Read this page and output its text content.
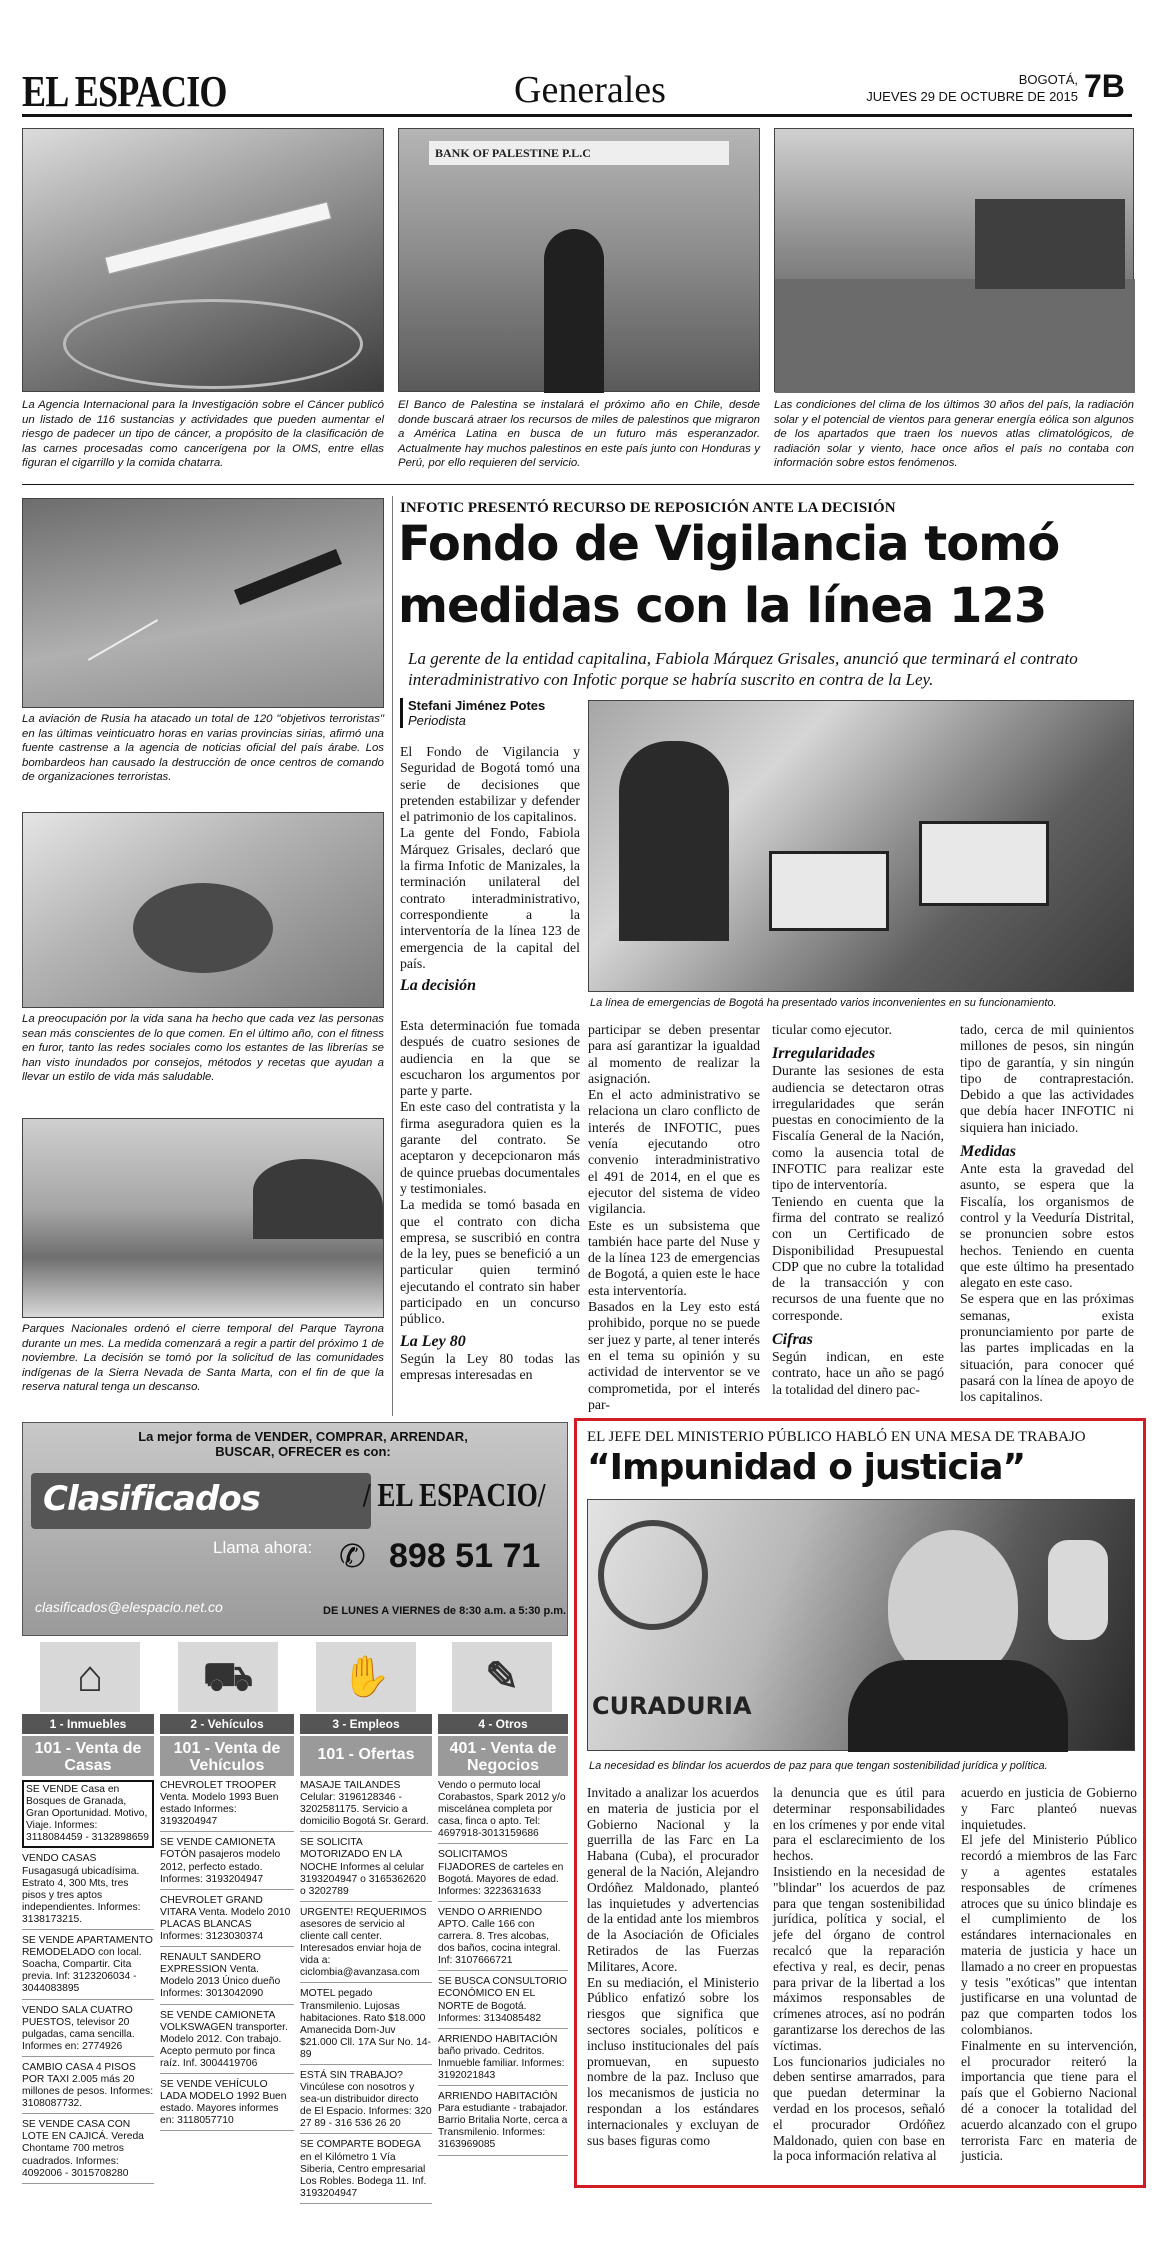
EL ESPACIO	Generales	BOGOTÁ,
JUEVES 29 DE OCTUBRE DE 2015 7B
BANK OF PALESTINE P.L.C
La Agencia Internacional para la Investigación sobre el Cáncer publicó un listado de 116 sustancias y actividades que pueden aumentar el riesgo de padecer un tipo de cáncer, a propósito de la clasificación de las carnes procesadas como cancerígena por la OMS, entre ellas figuran el cigarrillo y la comida chatarra.
El Banco de Palestina se instalará el próximo año en Chile, desde donde buscará atraer los recursos de miles de palestinos que migraron a América Latina en busca de un futuro más esperanzador. Actualmente hay muchos palestinos en este país junto con Honduras y Perú, por ello requieren del servicio.
Las condiciones del clima de los últimos 30 años del país, la radiación solar y el potencial de vientos para generar energía eólica son algunos de los apartados que traen los nuevos atlas climatológicos, de radiación solar y viento, hace once años el país no contaba con información sobre estos fenómenos.
La aviación de Rusia ha atacado un total de 120 "objetivos terroristas" en las últimas veinticuatro horas en varias provincias sirias, afirmó una fuente castrense a la agencia de noticias oficial del país árabe. Los bombardeos han causado la destrucción de once centros de comando de organizaciones terroristas.
La preocupación por la vida sana ha hecho que cada vez las personas sean más conscientes de lo que comen. En el último año, con el fitness en furor, tanto las redes sociales como los estantes de las librerías se han visto inundados por consejos, métodos y recetas que ayudan a llevar un estilo de vida más saludable.
Parques Nacionales ordenó el cierre temporal del Parque Tayrona durante un mes. La medida comenzará a regir a partir del próximo 1 de noviembre. La decisión se tomó por la solicitud de las comunidades indígenas de la Sierra Nevada de Santa Marta, con el fin de que la reserva natural tenga un descanso.
INFOTIC PRESENTÓ RECURSO DE REPOSICIÓN ANTE LA DECISIÓN
Fondo de Vigilancia tomó
medidas con la línea 123
La gerente de la entidad capitalina, Fabiola Márquez Grisales, anunció que terminará el contrato interadministrativo con Infotic porque se habría suscrito en contra de la Ley.
Stefani Jiménez Potes
Periodista
La línea de emergencias de Bogotá ha presentado varios inconvenientes en su funcionamiento.

El Fondo de Vigilancia y Seguridad de Bogotá tomó una serie de decisiones que pretenden estabilizar y defender el patrimonio de los capitalinos.

La gente del Fondo, Fabiola Márquez Grisales, declaró que la firma Infotic de Manizales, la terminación unilateral del contrato interadministrativo, correspondiente a la interventoría de la línea 123 de emergencia de la capital del país.

La decisión

Esta determinación fue tomada después de cuatro sesiones de audiencia en la que se escucharon los argumentos por parte y parte.

En este caso del contratista y la firma aseguradora quien es la garante del contrato. Se aceptaron y decepcionaron más de quince pruebas documentales y testimoniales.

La medida se tomó basada en que el contrato con dicha empresa, se suscribió en contra de la ley, pues se benefició a un particular quien terminó ejecutando el contrato sin haber participado en un concurso público.

La Ley 80

Según la Ley 80 todas las empresas interesadas en

participar se deben presentar para así garantizar la igualdad al momento de realizar la asignación.

En el acto administrativo se relaciona un claro conflicto de interés de INFOTIC, pues venía ejecutando otro convenio interadministrativo el 491 de 2014, en el que es ejecutor del sistema de video vigilancia.

Este es un subsistema que también hace parte del Nuse y de la línea 123 de emergencias de Bogotá, a quien este le hace esta interventoría.

Basados en la Ley esto está prohibido, porque no se puede ser juez y parte, al tener interés en el tema su opinión y su actividad de interventor se ve comprometida, por el interés par-

ticular como ejecutor.

Irregularidades

Durante las sesiones de esta audiencia se detectaron otras irregularidades que serán puestas en conocimiento de la Fiscalía General de la Nación, como la ausencia total de INFOTIC para realizar este tipo de interventoría.

Teniendo en cuenta que la firma del contrato se realizó con un Certificado de Disponibilidad Presupuestal CDP que no cubre la totalidad de la transacción y con recursos de una fuente que no corresponde.

Cifras

Según indican, en este contrato, hace un año se pagó la totalidad del dinero pac-

tado, cerca de mil quinientos millones de pesos, sin ningún tipo de garantía, y sin ningún tipo de contraprestación. Debido a que las actividades que debía hacer INFOTIC ni siquiera han iniciado.

Medidas

Ante esta la gravedad del asunto, se espera que la Fiscalía, los organismos de control y la Veeduría Distrital, se pronuncien sobre estos hechos. Teniendo en cuenta que este último ha presentado alegato en este caso.

Se espera que en las próximas semanas, exista pronunciamiento por parte de las partes implicadas en la situación, para conocer qué pasará con la línea de apoyo de los capitalinos.

La mejor forma de VENDER, COMPRAR, ARRENDAR, BUSCAR, OFRECER es con:
Clasificados	/ EL ESPACIO/
Llama ahora: ✆ 898 51 71
clasificados@elespacio.net.co	DE LUNES A VIERNES de 8:30 a.m. a 5:30 p.m.
⌂
1 - Inmuebles
101 - Venta de Casas
⛟
2 - Vehículos
101 - Venta de Vehículos
✋
3 - Empleos
101 - Ofertas
✎
4 - Otros
401 - Venta de Negocios
SE VENDE Casa en Bosques de Granada, Gran Oportunidad. Motivo, Viaje. Informes: 3118084459 - 3132898659
VENDO CASAS Fusagasugá ubicadísima. Estrato 4, 300 Mts, tres pisos y tres aptos independientes. Informes: 3138173215.
SE VENDE APARTAMENTO REMODELADO con local. Soacha, Compartir. Cita previa. Inf: 3123206034 - 3044083895
VENDO SALA CUATRO PUESTOS, televisor 20 pulgadas, cama sencilla. Informes en: 2774926
CAMBIO CASA 4 PISOS POR TAXI 2.005 más 20 millones de pesos. Informes: 3108087732.
SE VENDE CASA CON LOTE EN CAJICÁ. Vereda Chontame 700 metros cuadrados. Informes: 4092006 - 3015708280
CHEVROLET TROOPER Venta. Modelo 1993 Buen estado Informes: 3193204947
SE VENDE CAMIONETA FOTÓN pasajeros modelo 2012, perfecto estado. Informes: 3193204947
CHEVROLET GRAND VITARA Venta. Modelo 2010 PLACAS BLANCAS Informes: 3123030374
RENAULT SANDERO EXPRESSION Venta. Modelo 2013 Único dueño Informes: 3013042090
SE VENDE CAMIONETA VOLKSWAGEN transporter. Modelo 2012. Con trabajo. Acepto permuto por finca raíz. Inf. 3004419706
SE VENDE VEHÍCULO LADA MODELO 1992 Buen estado. Mayores informes en: 3118057710
MASAJE TAILANDES Celular: 3196128346 - 3202581175. Servicio a domicilio Bogotá Sr. Gerard.
SE SOLICITA MOTORIZADO EN LA NOCHE Informes al celular 3193204947 o 3165362620 o 3202789
URGENTE! REQUERIMOS asesores de servicio al cliente call center. Interesados enviar hoja de vida a: ciclombia@avanzasa.com
MOTEL pegado Transmilenio. Lujosas habitaciones. Rato $18.000 Amanecida Dom-Juv $21.000 Cll. 17A Sur No. 14-89
ESTÁ SIN TRABAJO? Vincúlese con nosotros y sea-un distribuidor directo de El Espacio. Informes: 320 27 89 - 316 536 26 20
SE COMPARTE BODEGA en el Kilómetro 1 Vía Siberia, Centro empresarial Los Robles. Bodega 11. Inf. 3193204947
Vendo o permuto local Corabastos, Spark 2012 y/o miscelánea completa por casa, finca o apto. Tel: 4697918-3013159686
SOLICITAMOS FIJADORES de carteles en Bogotá. Mayores de edad. Informes: 3223631633
VENDO O ARRIENDO APTO. Calle 166 con carrera. 8. Tres alcobas, dos baños, cocina integral. Inf: 3107666721
SE BUSCA CONSULTORIO ECONÓMICO EN EL NORTE de Bogotá. Informes: 3134085482
ARRIENDO HABITACIÓN baño privado. Cedritos. Inmueble familiar. Informes: 3192021843
ARRIENDO HABITACIÓN Para estudiante - trabajador. Barrio Britalia Norte, cerca a Transmilenio. Informes: 3163969085
EL JEFE DEL MINISTERIO PÚBLICO HABLÓ EN UNA MESA DE TRABAJO
“Impunidad o justicia”
CURADURIA
La necesidad es blindar los acuerdos de paz para que tengan sostenibilidad jurídica y política.

Invitado a analizar los acuerdos en materia de justicia por el Gobierno Nacional y la guerrilla de las Farc en La Habana (Cuba), el procurador general de la Nación, Alejandro Ordóñez Maldonado, planteó las inquietudes y advertencias de la entidad ante los miembros de la Asociación de Oficiales Retirados de las Fuerzas Militares, Acore.

En su mediación, el Ministerio Público enfatizó sobre los riesgos que significa que sectores sociales, políticos e incluso institucionales del país promuevan, en supuesto nombre de la paz. Incluso que los mecanismos de justicia no respondan a los estándares internacionales y excluyan de sus bases figuras como

la denuncia que es útil para determinar responsabilidades en los crímenes y por ende vital para el esclarecimiento de los hechos.

Insistiendo en la necesidad de "blindar" los acuerdos de paz para que tengan sostenibilidad jurídica, política y social, el jefe del órgano de control recalcó que la reparación efectiva y real, es decir, penas para privar de la libertad a los máximos responsables de crímenes atroces, así no podrán garantizarse los derechos de las víctimas.

Los funcionarios judiciales no deben sentirse amarrados, para que puedan determinar la verdad en los procesos, señaló el procurador Ordóñez Maldonado, quien con base en la poca información relativa al

acuerdo en justicia de Gobierno y Farc planteó nuevas inquietudes.

El jefe del Ministerio Público recordó a miembros de las Farc y a agentes estatales responsables de crímenes atroces que su único blindaje es el cumplimiento de los estándares internacionales en materia de justicia y hace un llamado a no creer en propuestas y tesis "exóticas" que intentan justificarse en una voluntad de paz que comparten todos los colombianos.

Finalmente en su intervención, el procurador reiteró la importancia que tiene para el país que el Gobierno Nacional dé a conocer la totalidad del acuerdo alcanzado con el grupo terrorista Farc en materia de justicia.
